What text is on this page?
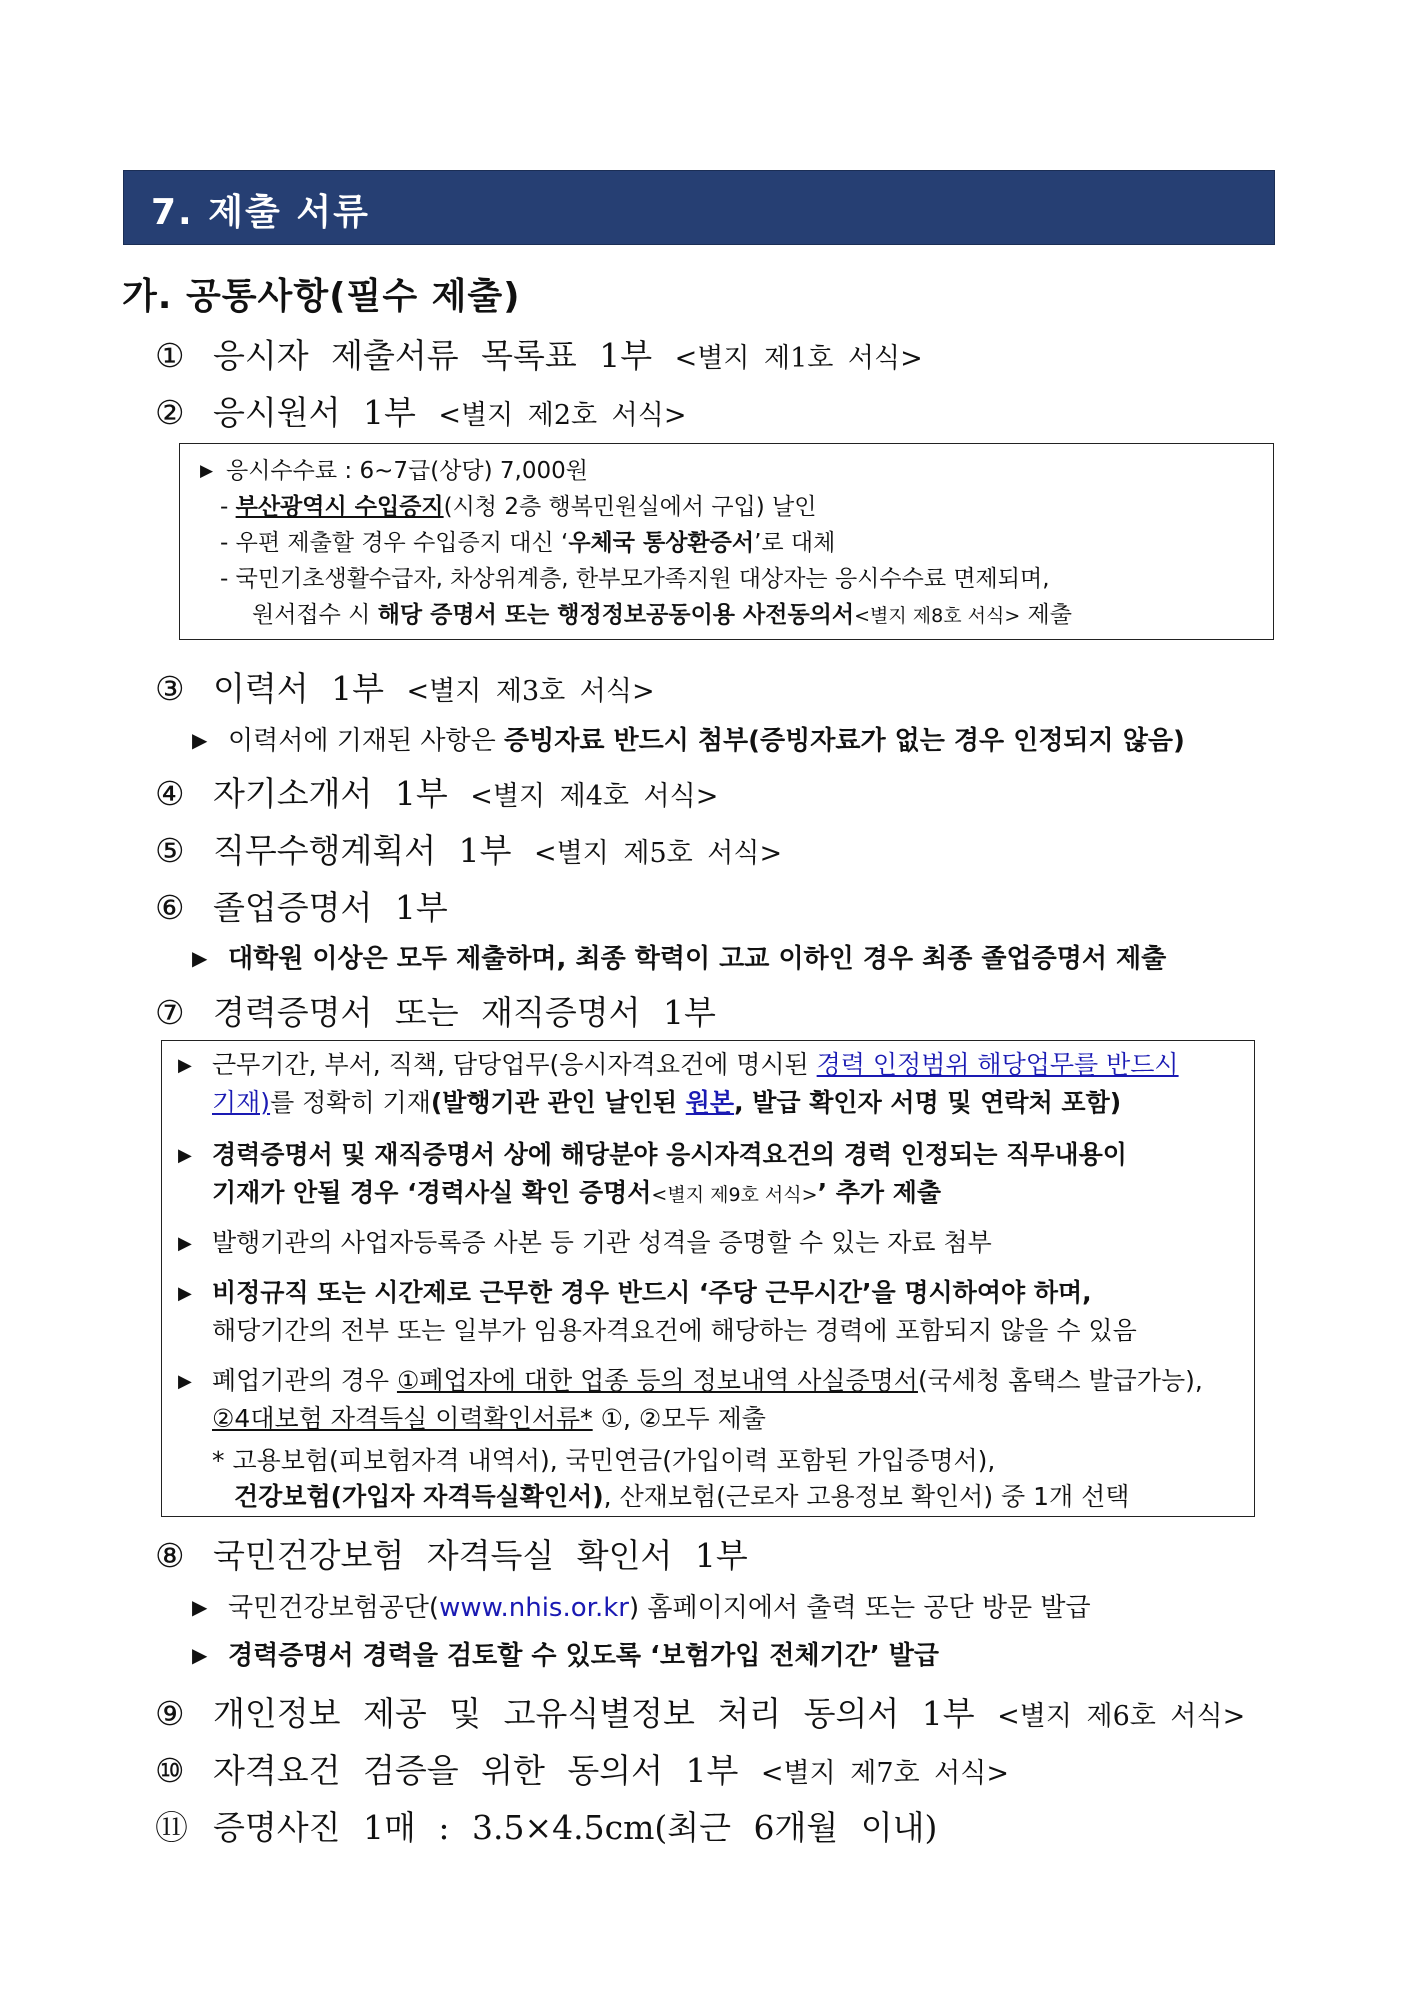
7. 제출 서류
가. 공통사항(필수 제출)
① 응시자 제출서류 목록표 1부 <별지 제1호 서식>
② 응시원서 1부 <별지 제2호 서식>
▶ 응시수수료 : 6~7급(상당) 7,000원
- 부산광역시 수입증지(시청 2층 행복민원실에서 구입) 날인
- 우편 제출할 경우 수입증지 대신 ‘우체국 통상환증서’로 대체
- 국민기초생활수급자, 차상위계층, 한부모가족지원 대상자는 응시수수료 면제되며,
원서접수 시 해당 증명서 또는 행정정보공동이용 사전동의서<별지 제8호 서식> 제출
③ 이력서 1부 <별지 제3호 서식>
▶ 이력서에 기재된 사항은 증빙자료 반드시 첨부(증빙자료가 없는 경우 인정되지 않음)
④ 자기소개서 1부 <별지 제4호 서식>
⑤ 직무수행계획서 1부 <별지 제5호 서식>
⑥ 졸업증명서 1부
▶ 대학원 이상은 모두 제출하며, 최종 학력이 고교 이하인 경우 최종 졸업증명서 제출
⑦ 경력증명서 또는 재직증명서 1부
▶ 근무기간, 부서, 직책, 담당업무(응시자격요건에 명시된 경력 인정범위 해당업무를 반드시
기재)를 정확히 기재(발행기관 관인 날인된 원본, 발급 확인자 서명 및 연락처 포함)
▶ 경력증명서 및 재직증명서 상에 해당분야 응시자격요건의 경력 인정되는 직무내용이
기재가 안될 경우 ‘경력사실 확인 증명서<별지 제9호 서식>’ 추가 제출
▶ 발행기관의 사업자등록증 사본 등 기관 성격을 증명할 수 있는 자료 첨부
▶ 비정규직 또는 시간제로 근무한 경우 반드시 ‘주당 근무시간’을 명시하여야 하며,
해당기간의 전부 또는 일부가 임용자격요건에 해당하는 경력에 포함되지 않을 수 있음
▶ 폐업기관의 경우 ①폐업자에 대한 업종 등의 정보내역 사실증명서(국세청 홈택스 발급가능),
②4대보험 자격득실 이력확인서류* ①, ②모두 제출
* 고용보험(피보험자격 내역서), 국민연금(가입이력 포함된 가입증명서),
건강보험(가입자 자격득실확인서), 산재보험(근로자 고용정보 확인서) 중 1개 선택
⑧ 국민건강보험 자격득실 확인서 1부
▶ 국민건강보험공단(www.nhis.or.kr) 홈페이지에서 출력 또는 공단 방문 발급
▶ 경력증명서 경력을 검토할 수 있도록 ‘보험가입 전체기간’ 발급
⑨ 개인정보 제공 및 고유식별정보 처리 동의서 1부 <별지 제6호 서식>
⑩ 자격요건 검증을 위한 동의서 1부 <별지 제7호 서식>
⑪ 증명사진 1매 : 3.5×4.5cm(최근 6개월 이내)
